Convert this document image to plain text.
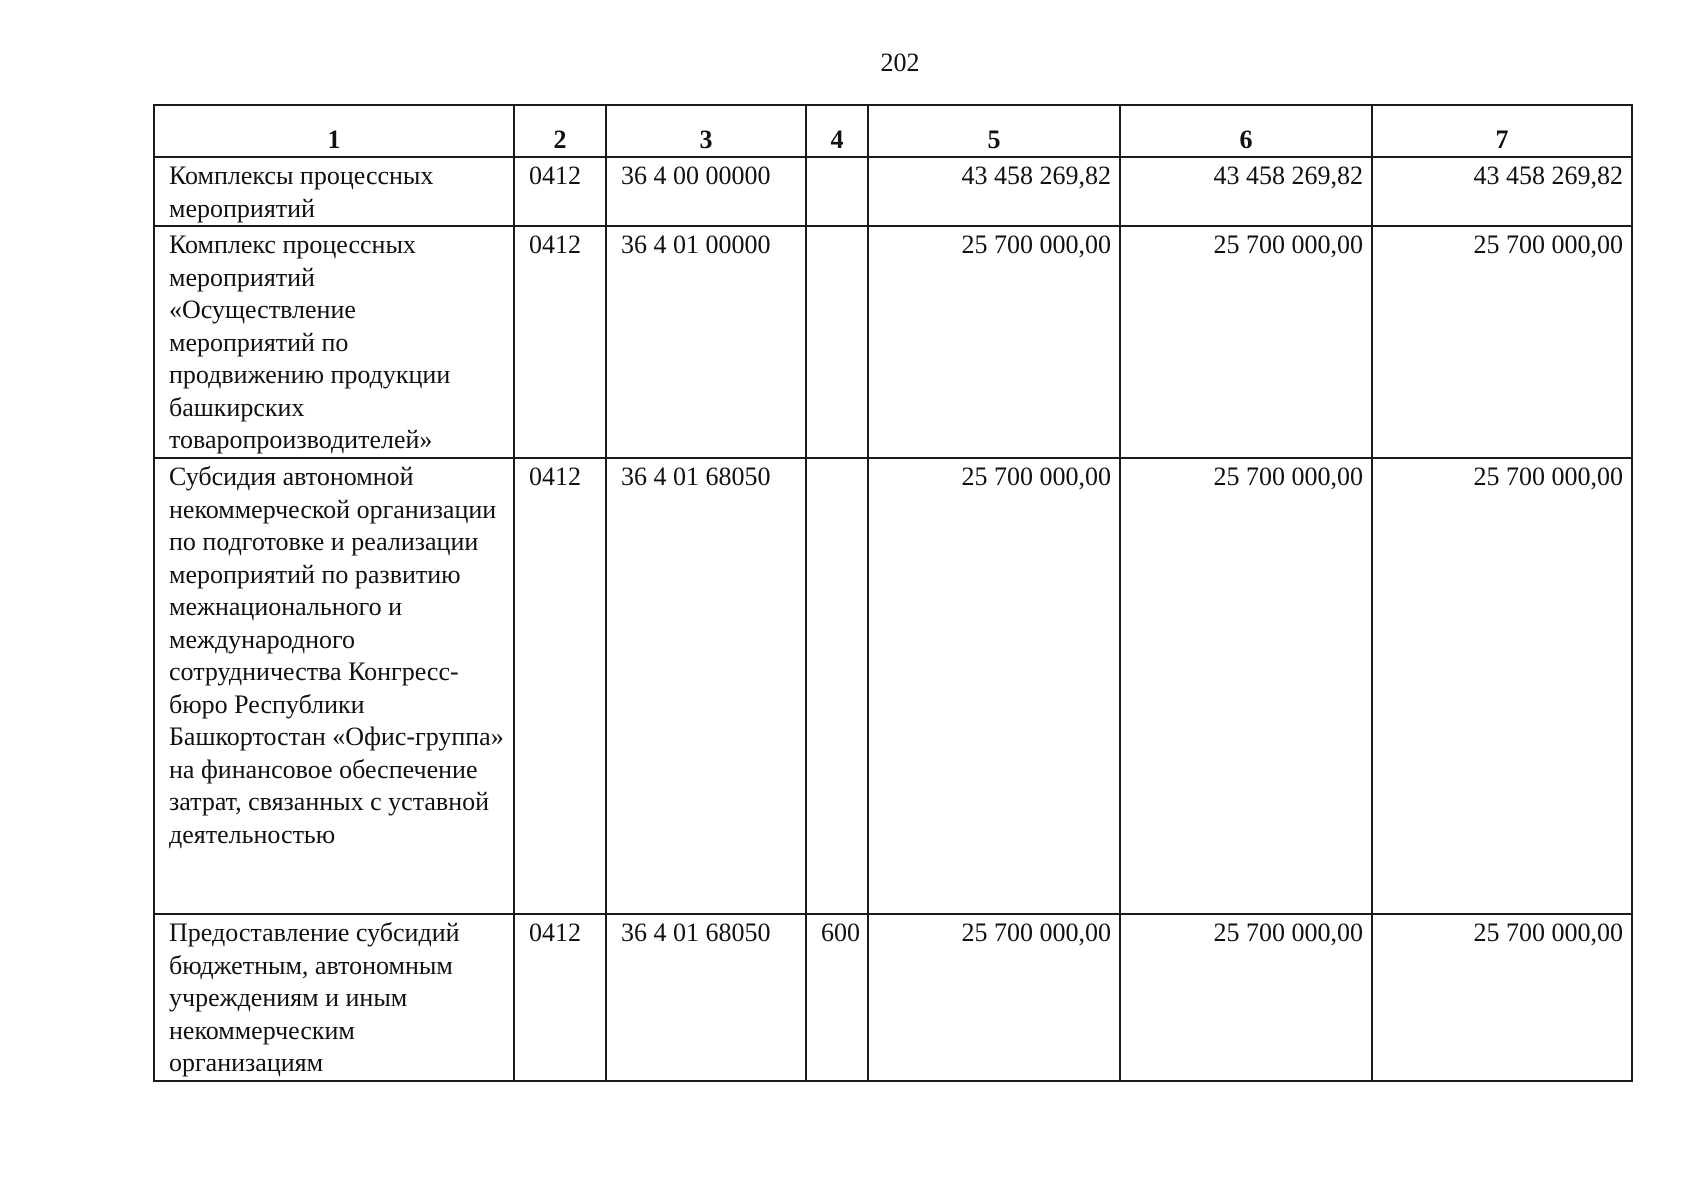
202
1	2	3	4	5	6	7
Комплексы процессных мероприятий	0412	36 4 00 00000		43 458 269,82	43 458 269,82	43 458 269,82
Комплекс процессных мероприятий «Осуществление мероприятий по продвижению продукции башкирских товаропроизводителей»	0412	36 4 01 00000		25 700 000,00	25 700 000,00	25 700 000,00
Субсидия автономной некоммерческой организации по подготовке и реализации мероприятий по развитию межнационального и международного сотрудничества Конгресс-бюро Республики Башкортостан «Офис-группа» на финансовое обеспечение затрат, связанных с уставной деятельностью	0412	36 4 01 68050		25 700 000,00	25 700 000,00	25 700 000,00
Предоставление субсидий бюджетным, автономным учреждениям и иным некоммерческим организациям	0412	36 4 01 68050	600	25 700 000,00	25 700 000,00	25 700 000,00
